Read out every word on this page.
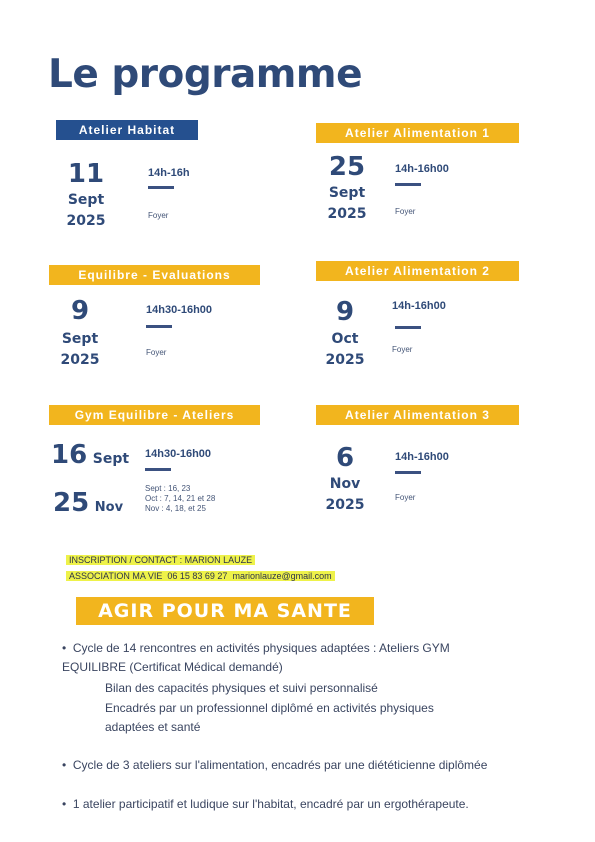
Le programme
Atelier Habitat
11
Sept
2025
14h-16h
Foyer
Atelier Alimentation 1
25
Sept
2025
14h-16h00
Foyer
Equilibre - Evaluations
9
Sept
2025
14h30-16h00
Foyer
Atelier Alimentation 2
9
Oct
2025
14h-16h00
Foyer
Gym Equilibre - Ateliers
16 Sept
25 Nov
14h30-16h00
Sept : 16, 23
Oct : 7, 14, 21 et 28
Nov : 4, 18, et 25
Atelier Alimentation 3
6
Nov
2025
14h-16h00
Foyer
INSCRIPTION / CONTACT : MARION LAUZE
ASSOCIATION MA VIE 06 15 83 69 27 marionlauze@gmail.com
AGIR POUR MA SANTE
•  Cycle de 14 rencontres en activités physiques adaptées : Ateliers GYM
EQUILIBRE (Certificat Médical demandé)
Bilan des capacités physiques et suivi personnalisé
Encadrés par un professionnel diplômé en activités physiques
adaptées et santé
•  Cycle de 3 ateliers sur l'alimentation, encadrés par une diététicienne diplômée
•  1 atelier participatif et ludique sur l'habitat, encadré par un ergothérapeute.
